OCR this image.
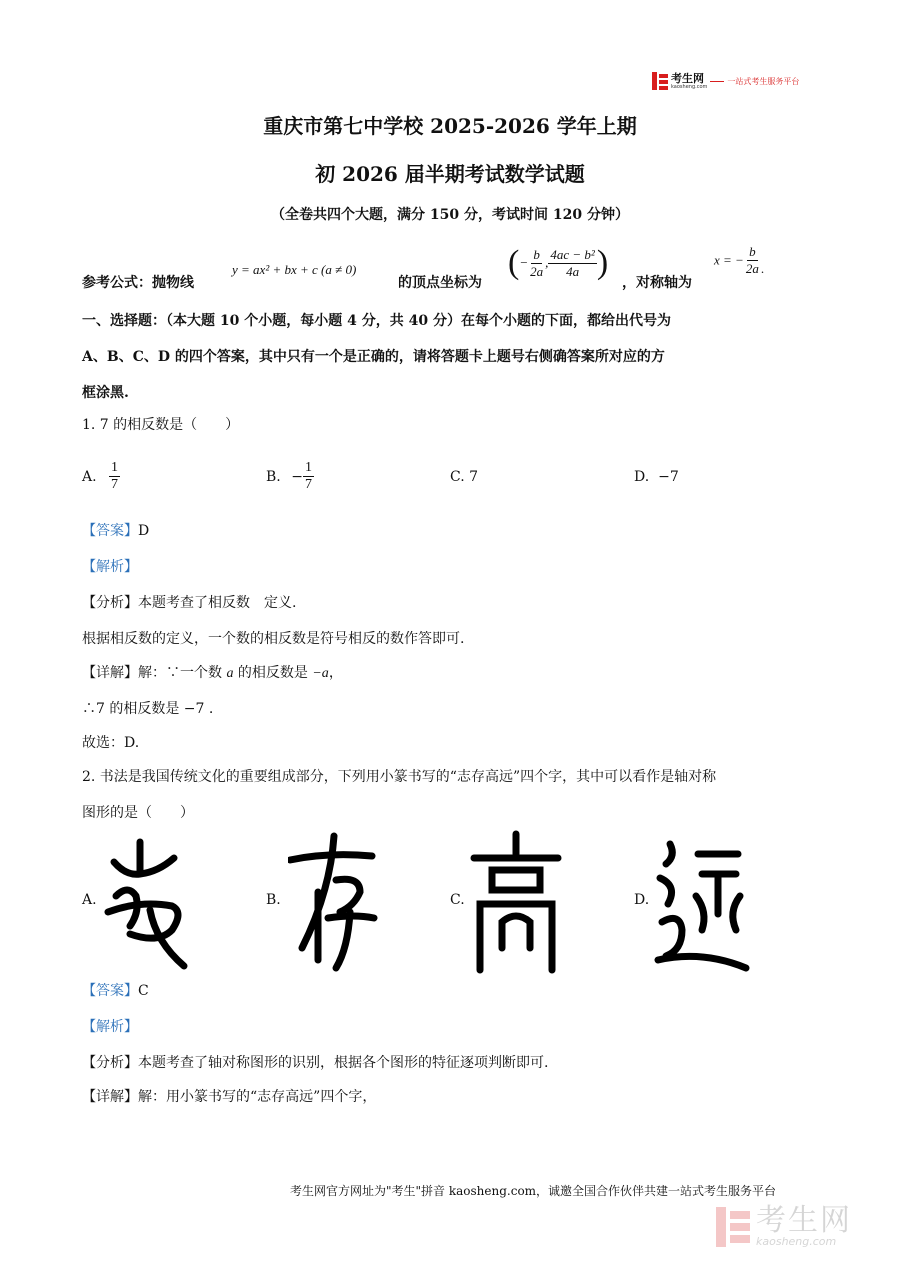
考生网
kaosheng.com
一站式考生服务平台
重庆市第七中学校 2025-2026 学年上期
初 2026 届半期考试数学试题
（全卷共四个大题，满分 150 分，考试时间 120 分钟）
参考公式：抛物线
y = ax² + bx + c (a ≠ 0)
的顶点坐标为
(− $\frac{b}{2a}$ , $\frac{\text{4ac − b²}}{4a}$ )
，对称轴为
x = − $\frac{b}{2a}$ .
一、选择题：（本大题 10 个小题，每小题 4 分，共 40 分）在每个小题的下面，都给出代号为
A、B、C、D 的四个答案，其中只有一个是正确的，请将答题卡上题号右侧确答案所对应的方
框涂黑.
1. 7 的相反数是（　　）
A. $\frac{1}{7}$	B. − $\frac{1}{7}$	C. 7	D. −7
【答案】D
【解析】
【分析】本题考查了相反数　定义.
根据相反数的定义，一个数的相反数是符号相反的数作答即可.
【详解】解：∵一个数 a 的相反数是 −a，
∴7 的相反数是 −7 .
故选：D.
2. 书法是我国传统文化的重要组成部分，下列用小篆书写的“志存高远”四个字，其中可以看作是轴对称
图形的是（　　）
A.	B.	C.	D.
【答案】C
【解析】
【分析】本题考查了轴对称图形的识别，根据各个图形的特征逐项判断即可.
【详解】解：用小篆书写的“志存高远”四个字，
考生网官方网址为"考生"拼音 kaosheng.com，诚邀全国合作伙伴共建一站式考生服务平台
考生网
kaosheng.com
